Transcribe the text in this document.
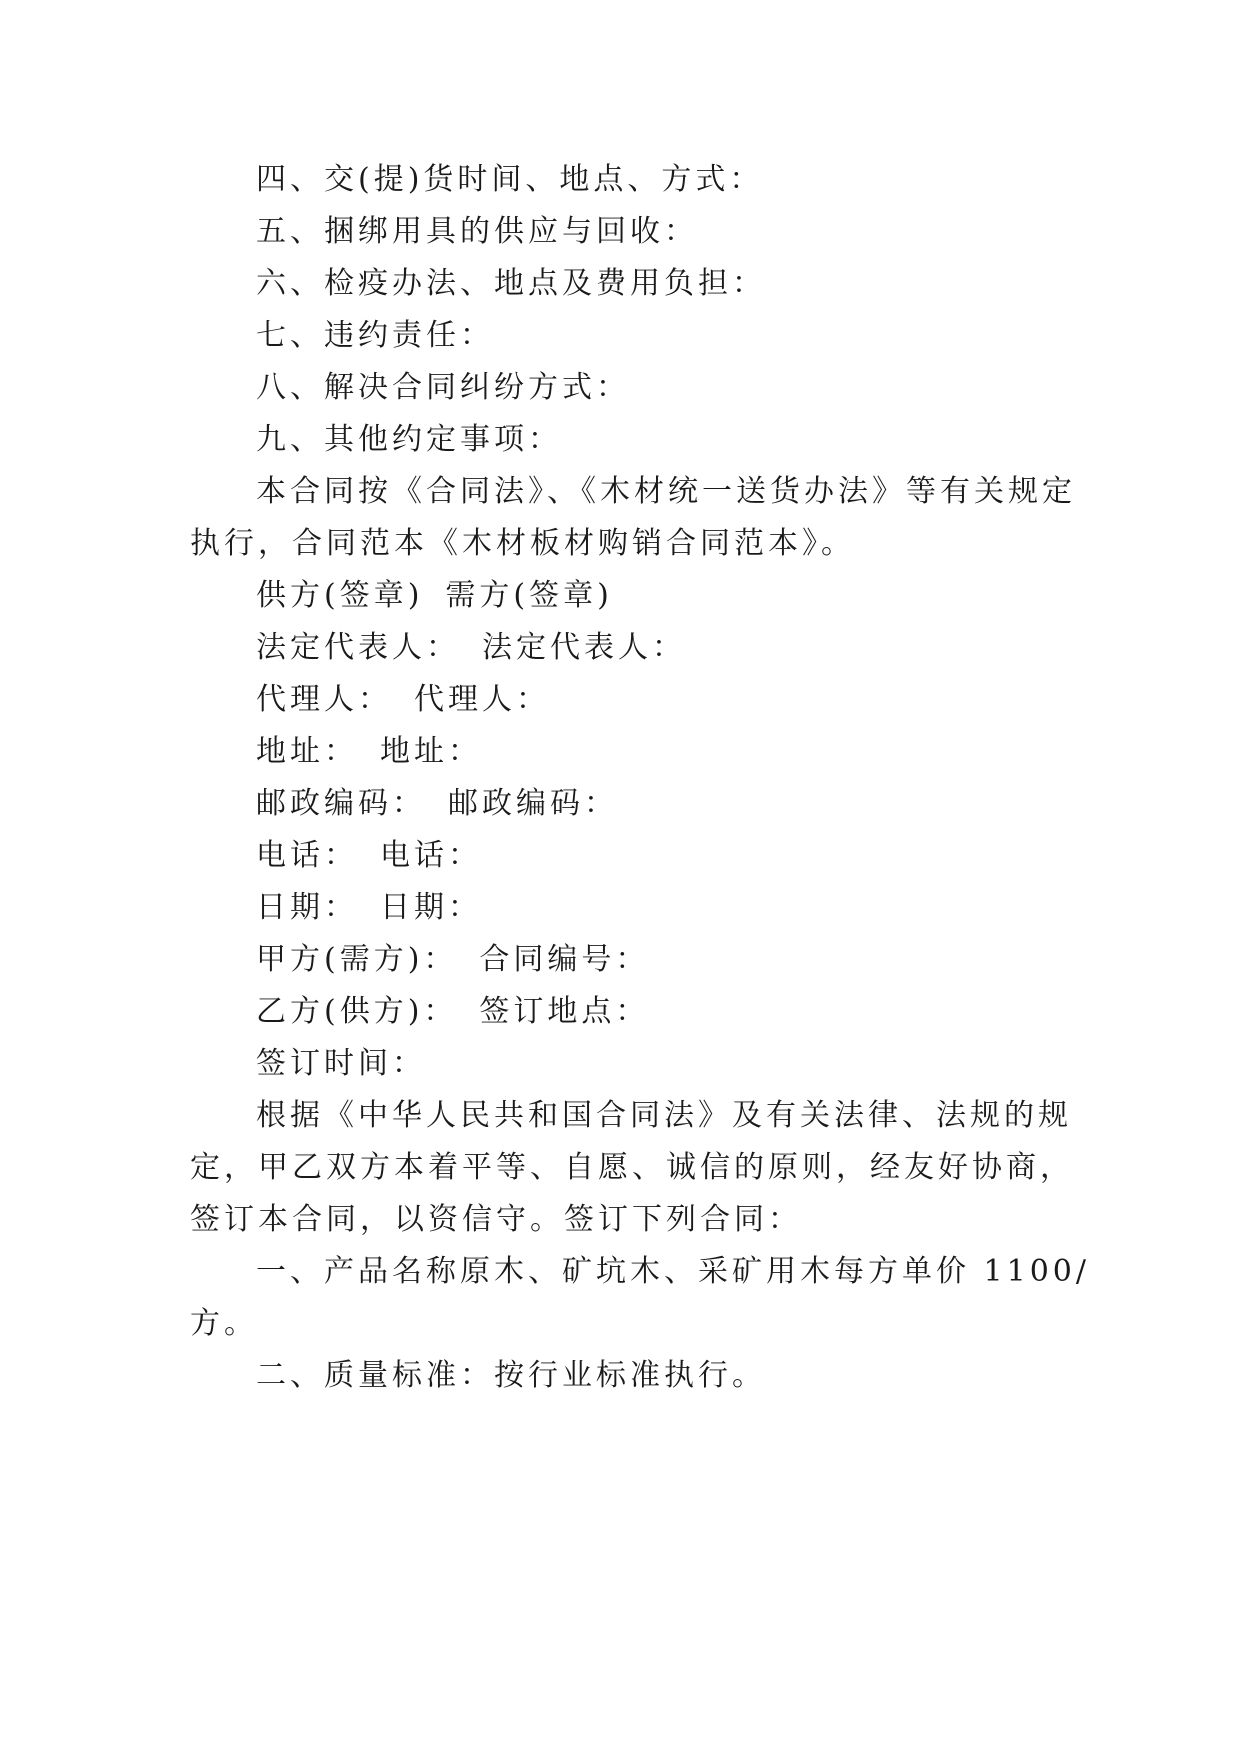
四、交(提)货时间、地点、方式：
五、捆绑用具的供应与回收：
六、检疫办法、地点及费用负担：
七、违约责任：
八、解决合同纠纷方式：
九、其他约定事项：
本合同按《合同法》、《木材统一送货办法》等有关规定
执行，合同范本《木材板材购销合同范本》。
供方(签章) 需方(签章)
法定代表人： 法定代表人：
代理人： 代理人：
地址： 地址：
邮政编码： 邮政编码：
电话： 电话：
日期： 日期：
甲方(需方)： 合同编号：
乙方(供方)： 签订地点：
签订时间：
根据《中华人民共和国合同法》及有关法律、法规的规
定，甲乙双方本着平等、自愿、诚信的原则，经友好协商，
签订本合同，以资信守。签订下列合同：
一、产品名称原木、矿坑木、采矿用木每方单价 1100/
方。
二、质量标准：按行业标准执行。
